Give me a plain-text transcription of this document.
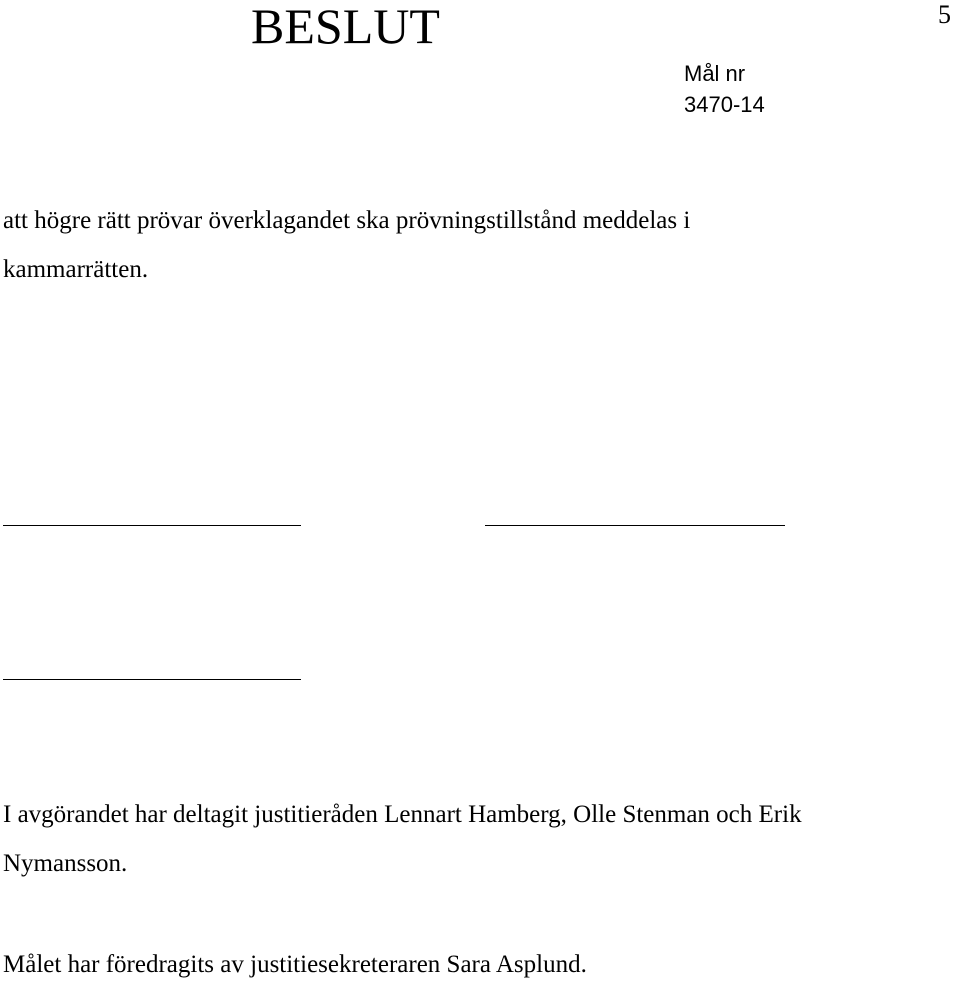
BESLUT	5
Mål nr
3470-14
att högre rätt prövar överklagandet ska prövningstillstånd meddelas i
kammarrätten.
I avgörandet har deltagit justitieråden Lennart Hamberg, Olle Stenman och Erik
Nymansson.
Målet har föredragits av justitiesekreteraren Sara Asplund.
